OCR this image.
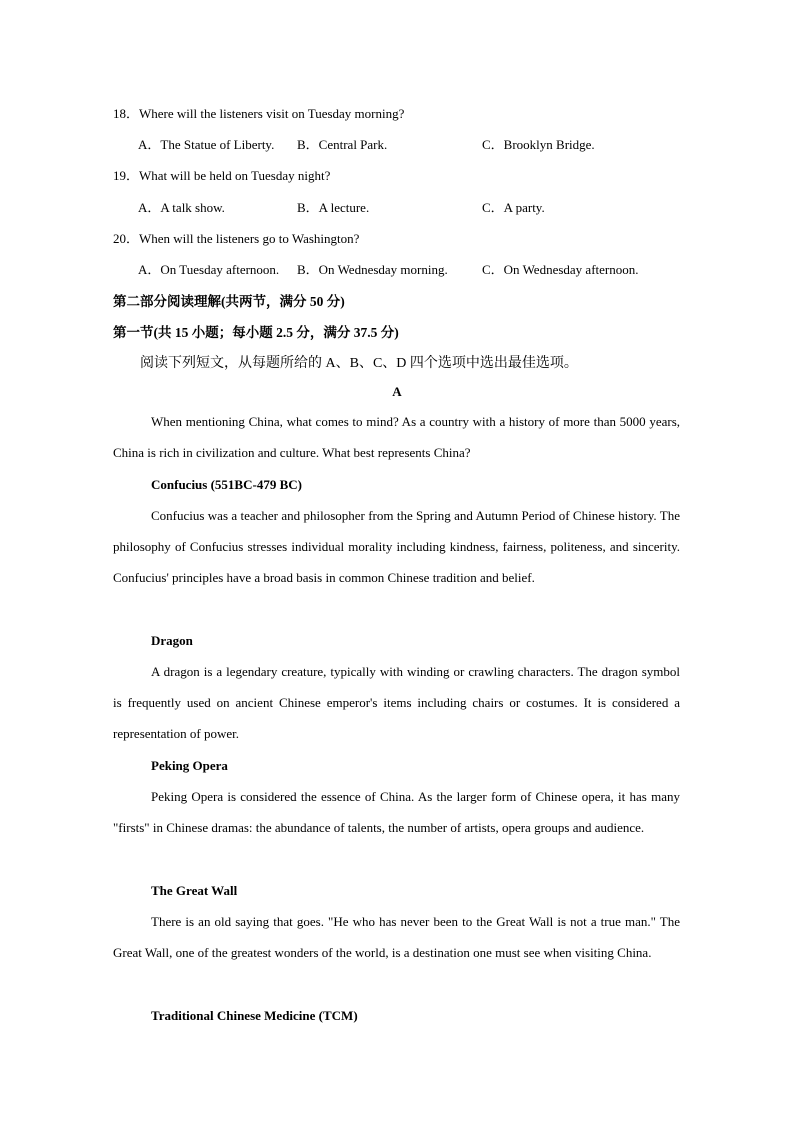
18．Where will the listeners visit on Tuesday morning?
A．The Statue of Liberty. B．Central Park.	C．Brooklyn Bridge.
19．What will be held on Tuesday night?
A．A talk show.	B．A lecture.	C．A party.
20．When will the listeners go to Washington?
A．On Tuesday afternoon. B．On Wednesday morning.	C．On Wednesday afternoon.
第二部分阅读理解(共两节，满分 50 分)
第一节(共 15 小题；每小题 2.5 分，满分 37.5 分)
阅读下列短文，从每题所给的 A、B、C、D 四个选项中选出最佳选项。
A

When mentioning China, what comes to mind? As a country with a history of more than 5000 years, China is rich in civilization and culture. What best represents China?

Confucius (551BC-479 BC)

Confucius was a teacher and philosopher from the Spring and Autumn Period of Chinese history. The philosophy of Confucius stresses individual morality including kindness, fairness, politeness, and sincerity. Confucius' principles have a broad basis in common Chinese tradition and belief.

Dragon

A dragon is a legendary creature, typically with winding or crawling characters. The dragon symbol is frequently used on ancient Chinese emperor's items including chairs or costumes. It is considered a representation of power.

Peking Opera

Peking Opera is considered the essence of China. As the larger form of Chinese opera, it has many "firsts" in Chinese dramas: the abundance of talents, the number of artists, opera groups and audience.

The Great Wall

There is an old saying that goes. "He who has never been to the Great Wall is not a true man." The Great Wall, one of the greatest wonders of the world, is a destination one must see when visiting China.

Traditional Chinese Medicine (TCM)
